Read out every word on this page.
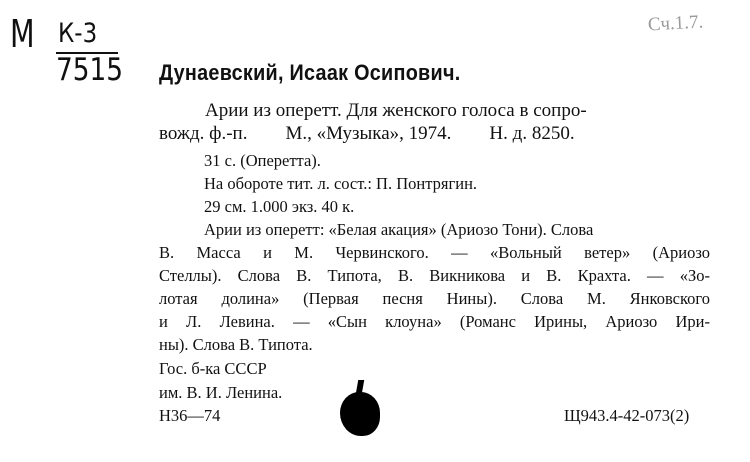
М К-3
7515
Сч.1.7.
Дунаевский, Исаак Осипович.
Арии из оперетт. Для женского голоса в сопро-
вожд. ф.-п.        М., «Музыка», 1974.        Н. д. 8250.
31 с. (Оперетта).
На обороте тит. л. сост.: П. Понтрягин.
29 см. 1.000 экз. 40 к.
Арии из оперетт: «Белая акация» (Ариозо Тони). Слова
В. Масса и М. Червинского. — «Вольный ветер» (Ариозо
Стеллы). Слова В. Типота, В. Викникова и В. Крахта. — «Зо-
лотая долина» (Первая песня Нины). Слова М. Янковского
и Л. Левина. — «Сын клоуна» (Романс Ирины, Ариозо Ири-
ны). Слова В. Типота.
Гос. б-ка СССР
им. В. И. Ленина.
Н36—74	Щ943.4-42-073(2)
